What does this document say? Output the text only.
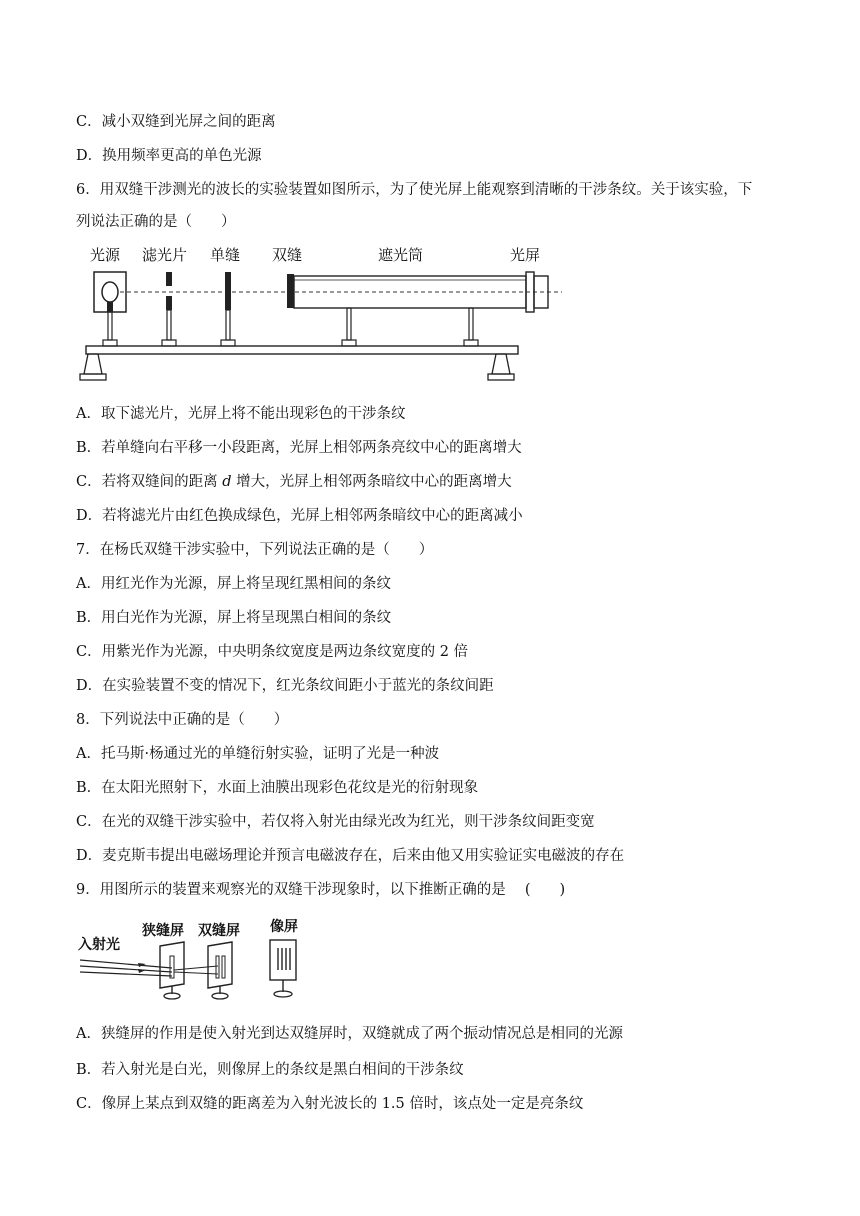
C．减小双缝到光屏之间的距离
D．换用频率更高的单色光源
6．用双缝干涉测光的波长的实验装置如图所示，为了使光屏上能观察到清晰的干涉条纹。关于该实验，下
列说法正确的是（　　）
光源 滤光片 单缝 双缝	遮光筒	光屏
A．取下滤光片，光屏上将不能出现彩色的干涉条纹
B．若单缝向右平移一小段距离，光屏上相邻两条亮纹中心的距离增大
C．若将双缝间的距离 d 增大，光屏上相邻两条暗纹中心的距离增大
D．若将滤光片由红色换成绿色，光屏上相邻两条暗纹中心的距离减小
7．在杨氏双缝干涉实验中，下列说法正确的是（　　）
A．用红光作为光源，屏上将呈现红黑相间的条纹
B．用白光作为光源，屏上将呈现黑白相间的条纹
C．用紫光作为光源，中央明条纹宽度是两边条纹宽度的 2 倍
D．在实验装置不变的情况下，红光条纹间距小于蓝光的条纹间距
8．下列说法中正确的是（　　）
A．托马斯·杨通过光的单缝衍射实验，证明了光是一种波
B．在太阳光照射下，水面上油膜出现彩色花纹是光的衍射现象
C．在光的双缝干涉实验中，若仅将入射光由绿光改为红光，则干涉条纹间距变宽
D．麦克斯韦提出电磁场理论并预言电磁波存在，后来由他又用实验证实电磁波的存在
9．用图所示的装置来观察光的双缝干涉现象时，以下推断正确的是　 (　　)
入射光
狭缝屏 双缝屏 像屏
A．狭缝屏的作用是使入射光到达双缝屏时，双缝就成了两个振动情况总是相同的光源
B．若入射光是白光，则像屏上的条纹是黑白相间的干涉条纹
C．像屏上某点到双缝的距离差为入射光波长的 1.5 倍时，该点处一定是亮条纹
